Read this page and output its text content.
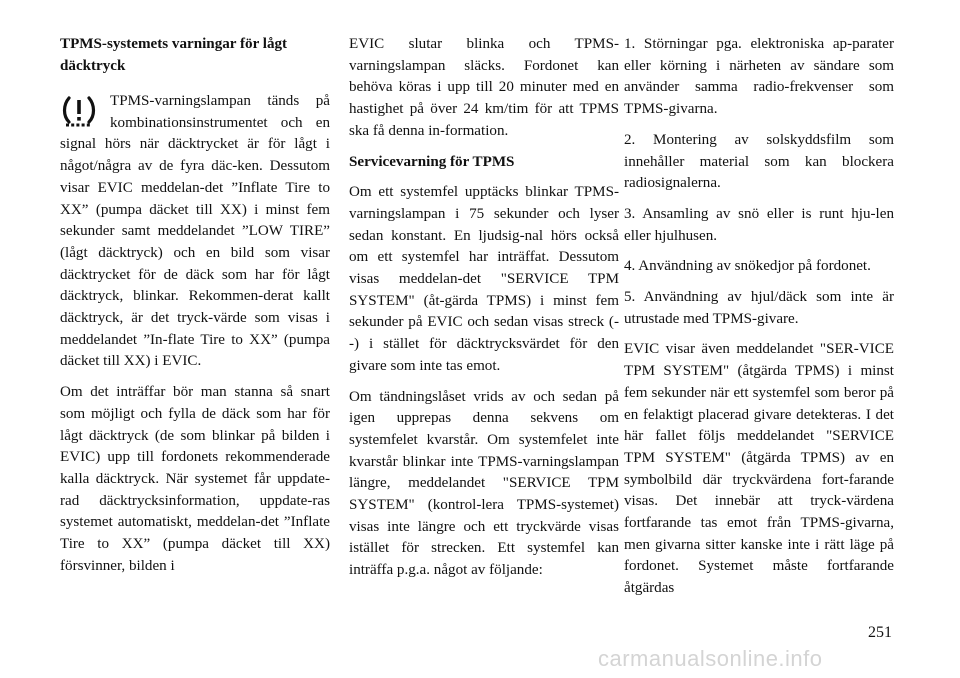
TPMS-systemets varningar för lågt däcktryck

TPMS-varningslampan tänds på kombinationsinstrumentet och en signal hörs när däcktrycket är för lågt i något/några av de fyra däc-ken. Dessutom visar EVIC meddelan-det ”Inflate Tire to XX” (pumpa däcket till XX) i minst fem sekunder samt meddelandet ”LOW TIRE” (lågt däcktryck) och en bild som visar däcktrycket för de däck som har för lågt däcktryck, blinkar. Rekommen-derat kallt däcktryck, är det tryck-värde som visas i meddelandet ”In-flate Tire to XX” (pumpa däcket till XX) i EVIC.

Om det inträffar bör man stanna så snart som möjligt och fylla de däck som har för lågt däcktryck (de som blinkar på bilden i EVIC) upp till fordonets rekommenderade kalla däcktryck. När systemet får uppdate-rad däcktrycksinformation, uppdate-ras systemet automatiskt, meddelan-det ”Inflate Tire to XX” (pumpa däcket till XX) försvinner, bilden i

EVIC slutar blinka och TPMS-varningslampan släcks. Fordonet kan behöva köras i upp till 20 minuter med en hastighet på över 24 km/tim för att TPMS ska få denna in-formation.

Servicevarning för TPMS

Om ett systemfel upptäcks blinkar TPMS-varningslampan i 75 sekunder och lyser sedan konstant. En ljudsig-nal hörs också om ett systemfel har inträffat. Dessutom visas meddelan-det "SERVICE TPM SYSTEM" (åt-gärda TPMS) i minst fem sekunder på EVIC och sedan visas streck (- -) i stället för däcktrycksvärdet för den givare som inte tas emot.

Om tändningslåset vrids av och sedan på igen upprepas denna sekvens om systemfelet kvarstår. Om systemfelet inte kvarstår blinkar inte TPMS-varningslampan längre, meddelandet "SERVICE TPM SYSTEM" (kontrol-lera TPMS-systemet) visas inte längre och ett tryckvärde visas istället för strecken. Ett systemfel kan inträffa p.g.a. något av följande:

1. Störningar pga. elektroniska ap-parater eller körning i närheten av sändare som använder samma radio-frekvenser som TPMS-givarna.

2. Montering av solskyddsfilm som innehåller material som kan blockera radiosignalerna.

3. Ansamling av snö eller is runt hju-len eller hjulhusen.

4. Användning av snökedjor på fordonet.

5. Användning av hjul/däck som inte är utrustade med TPMS-givare.

EVIC visar även meddelandet "SER-VICE TPM SYSTEM" (åtgärda TPMS) i minst fem sekunder när ett systemfel som beror på en felaktigt placerad givare detekteras. I det här fallet följs meddelandet "SERVICE TPM SYSTEM" (åtgärda TPMS) av en symbolbild där tryckvärdena fort-farande visas. Det innebär att tryck-värdena fortfarande tas emot från TPMS-givarna, men givarna sitter kanske inte i rätt läge på fordonet. Systemet måste fortfarande åtgärdas

251
carmanualsonline.info
